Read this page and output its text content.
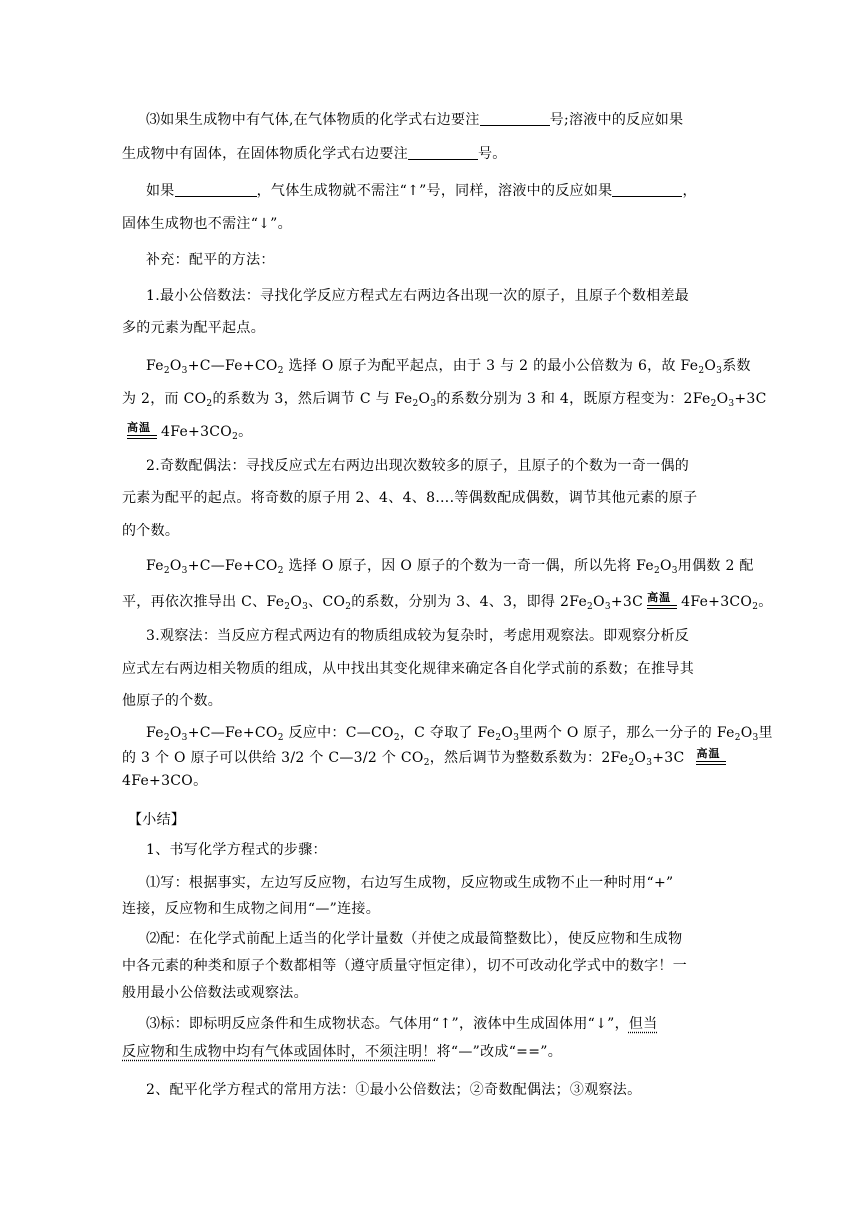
⑶如果生成物中有气体,在气体物质的化学式右边要注	号;溶液中的反应如果
生成物中有固体，在固体物质化学式右边要注	号。
如果	，气体生成物就不需注“↑”号，同样，溶液中的反应如果	，
固体生成物也不需注“↓”。
补充：配平的方法：
1.最小公倍数法：寻找化学反应方程式左右两边各出现一次的原子，且原子个数相差最
多的元素为配平起点。
$Fe_2O_3+C—Fe+CO_2$ 选择 O 原子为配平起点，由于 3 与 2 的最小公倍数为 6，故 $Fe_2O_3$系数
为 2，而 $CO_2$的系数为 3，然后调节 C 与 $Fe_2O_3$的系数分别为 3 和 4，既原方程变为：$2Fe_2O_3+3C$
高温 $4Fe+3CO_2$。
2.奇数配偶法：寻找反应式左右两边出现次数较多的原子，且原子的个数为一奇一偶的
元素为配平的起点。将奇数的原子用 2、4、4、8….等偶数配成偶数，调节其他元素的原子
的个数。
$Fe_2O_3+C—Fe+CO_2$ 选择 O 原子，因 O 原子的个数为一奇一偶，所以先将 $Fe_2O_3$用偶数 2 配
平，再依次推导出 C、$Fe_2O_3$、$CO_2$的系数，分别为 3、4、3，即得 $2Fe_2O_3+3C$ 高温 $4Fe+3CO_2$。
3.观察法：当反应方程式两边有的物质组成较为复杂时，考虑用观察法。即观察分析反
应式左右两边相关物质的组成，从中找出其变化规律来确定各自化学式前的系数；在推导其
他原子的个数。
$Fe_2O_3+C—Fe+CO_2$ 反应中：$C—CO_2$，C 夺取了 $Fe_2O_3$里两个 O 原子，那么一分子的 $Fe_2O_3$里
的 3 个 O 原子可以供给 3/2 个 C—3/2 个 $CO_2$，然后调节为整数系数为：$2Fe_2O_3+3C$ 高温
4Fe+3CO。
【小结】
1、书写化学方程式的步骤：
⑴写：根据事实，左边写反应物，右边写生成物，反应物或生成物不止一种时用“+”
连接，反应物和生成物之间用“—”连接。
⑵配：在化学式前配上适当的化学计量数（并使之成最简整数比），使反应物和生成物
中各元素的种类和原子个数都相等（遵守质量守恒定律），切不可改动化学式中的数字！一
般用最小公倍数法或观察法。
⑶标：即标明反应条件和生成物状态。气体用“↑”，液体中生成固体用“↓”，但当
反应物和生成物中均有气体或固体时，不须注明！将“—”改成“==”。
2、配平化学方程式的常用方法：①最小公倍数法；②奇数配偶法；③观察法。
